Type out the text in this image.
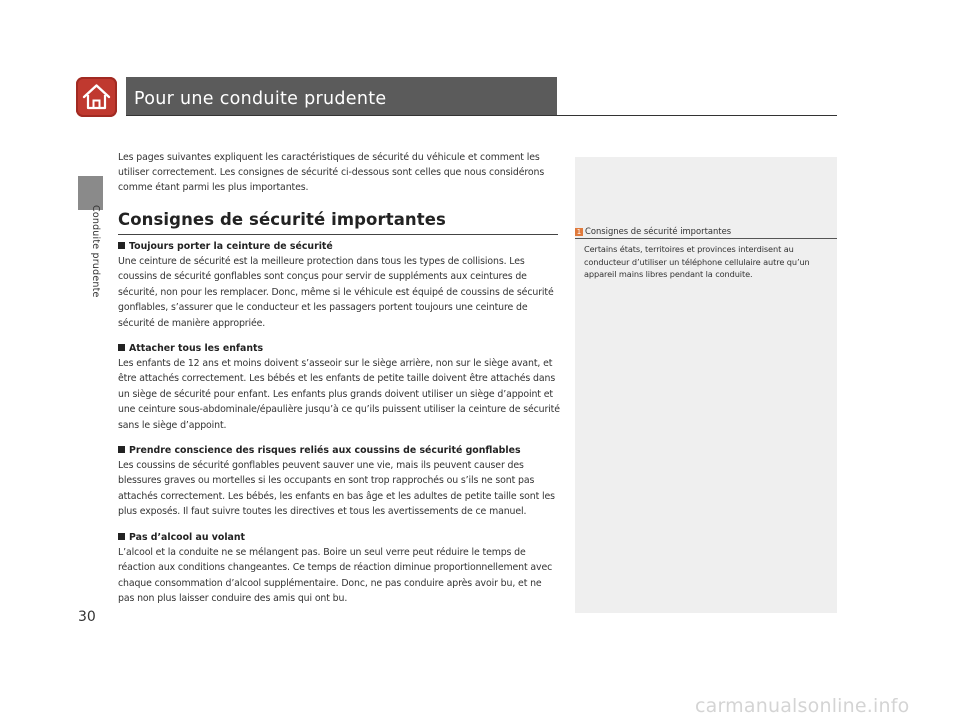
Pour une conduite prudente
Conduite prudente

Les pages suivantes expliquent les caractéristiques de sécurité du véhicule et comment les utiliser correctement. Les consignes de sécurité ci-dessous sont celles que nous considérons comme étant parmi les plus importantes.

Consignes de sécurité importantes
Toujours porter la ceinture de sécurité

Une ceinture de sécurité est la meilleure protection dans tous les types de collisions. Les coussins de sécurité gonflables sont conçus pour servir de suppléments aux ceintures de sécurité, non pour les remplacer. Donc, même si le véhicule est équipé de coussins de sécurité gonflables, s’assurer que le conducteur et les passagers portent toujours une ceinture de sécurité de manière appropriée.

Attacher tous les enfants

Les enfants de 12 ans et moins doivent s’asseoir sur le siège arrière, non sur le siège avant, et être attachés correctement. Les bébés et les enfants de petite taille doivent être attachés dans un siège de sécurité pour enfant. Les enfants plus grands doivent utiliser un siège d’appoint et une ceinture sous-abdominale/épaulière jusqu’à ce qu’ils puissent utiliser la ceinture de sécurité sans le siège d’appoint.

Prendre conscience des risques reliés aux coussins de sécurité gonflables

Les coussins de sécurité gonflables peuvent sauver une vie, mais ils peuvent causer des blessures graves ou mortelles si les occupants en sont trop rapprochés ou s’ils ne sont pas attachés correctement. Les bébés, les enfants en bas âge et les adultes de petite taille sont les plus exposés. Il faut suivre toutes les directives et tous les avertissements de ce manuel.

Pas d’alcool au volant

L’alcool et la conduite ne se mélangent pas. Boire un seul verre peut réduire le temps de réaction aux conditions changeantes. Ce temps de réaction diminue proportionnellement avec chaque consommation d’alcool supplémentaire. Donc, ne pas conduire après avoir bu, et ne pas non plus laisser conduire des amis qui ont bu.

1 Consignes de sécurité importantes

Certains états, territoires et provinces interdisent au conducteur d’utiliser un téléphone cellulaire autre qu’un appareil mains libres pendant la conduite.

30
carmanualsonline.info
